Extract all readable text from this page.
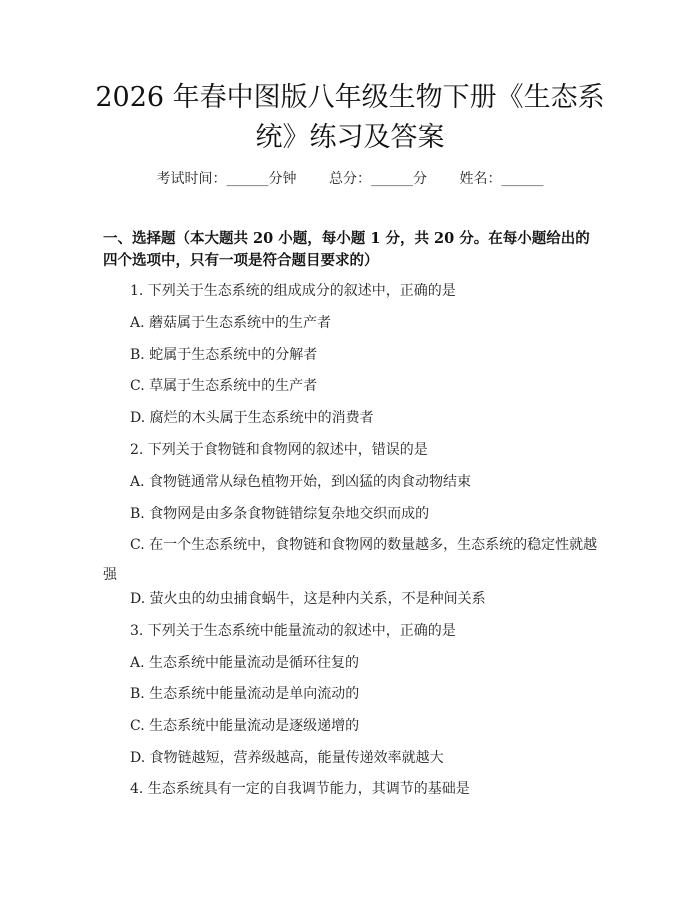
2026 年春中图版八年级生物下册《生态系
统》练习及答案
考试时间：______分钟 总分：______分 姓名：______
一、选择题（本大题共 20 小题，每小题 1 分，共 20 分。在每小题给出的四个选项中，只有一项是符合题目要求的）
1. 下列关于生态系统的组成成分的叙述中，正确的是
A. 蘑菇属于生态系统中的生产者
B. 蛇属于生态系统中的分解者
C. 草属于生态系统中的生产者
D. 腐烂的木头属于生态系统中的消费者
2. 下列关于食物链和食物网的叙述中，错误的是
A. 食物链通常从绿色植物开始，到凶猛的肉食动物结束
B. 食物网是由多条食物链错综复杂地交织而成的
C. 在一个生态系统中，食物链和食物网的数量越多，生态系统的稳定性就越强
D. 萤火虫的幼虫捕食蜗牛，这是种内关系，不是种间关系
3. 下列关于生态系统中能量流动的叙述中，正确的是
A. 生态系统中能量流动是循环往复的
B. 生态系统中能量流动是单向流动的
C. 生态系统中能量流动是逐级递增的
D. 食物链越短，营养级越高，能量传递效率就越大
4. 生态系统具有一定的自我调节能力，其调节的基础是
